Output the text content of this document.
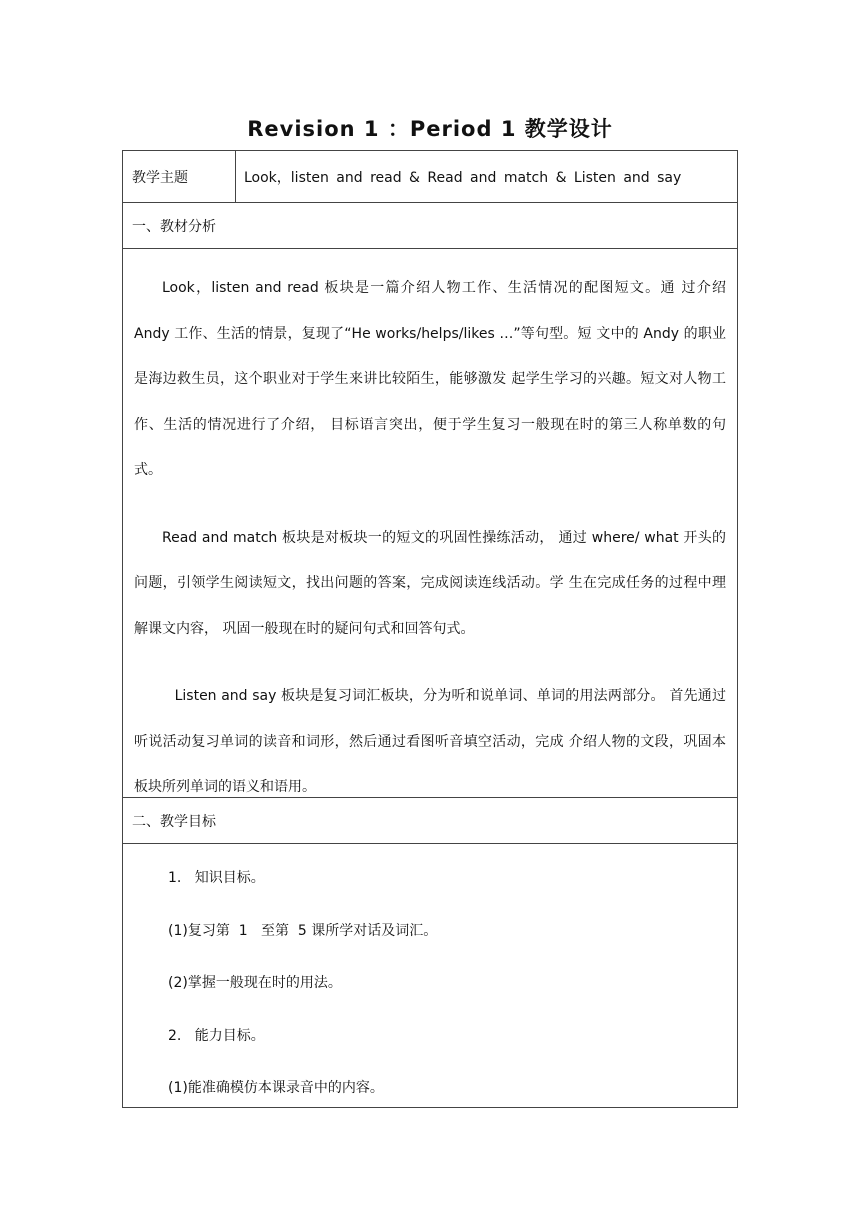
Revision 1 ：Period 1 教学设计
教学主题	Look，listen and read & Read and match & Listen and say
一、教材分析

Look，listen and read 板块是一篇介绍人物工作、生活情况的配图短文。通 过介绍 Andy 工作、生活的情景，复现了“He works/helps/likes …”等句型。短 文中的 Andy 的职业是海边救生员，这个职业对于学生来讲比较陌生，能够激发 起学生学习的兴趣。短文对人物工作、生活的情况进行了介绍， 目标语言突出，便于学生复习一般现在时的第三人称单数的句式。

Read and match 板块是对板块一的短文的巩固性操练活动， 通过 where/ what 开头的问题，引领学生阅读短文，找出问题的答案，完成阅读连线活动。学 生在完成任务的过程中理解课文内容， 巩固一般现在时的疑问句式和回答句式。

Listen and say 板块是复习词汇板块，分为听和说单词、单词的用法两部分。 首先通过听说活动复习单词的读音和词形，然后通过看图听音填空活动，完成 介绍人物的文段，巩固本板块所列单词的语义和语用。

二、教学目标
1.   知识目标。
(1)复习第  1   至第  5 课所学对话及词汇。
(2)掌握一般现在时的用法。
2.   能力目标。
(1)能准确模仿本课录音中的内容。
